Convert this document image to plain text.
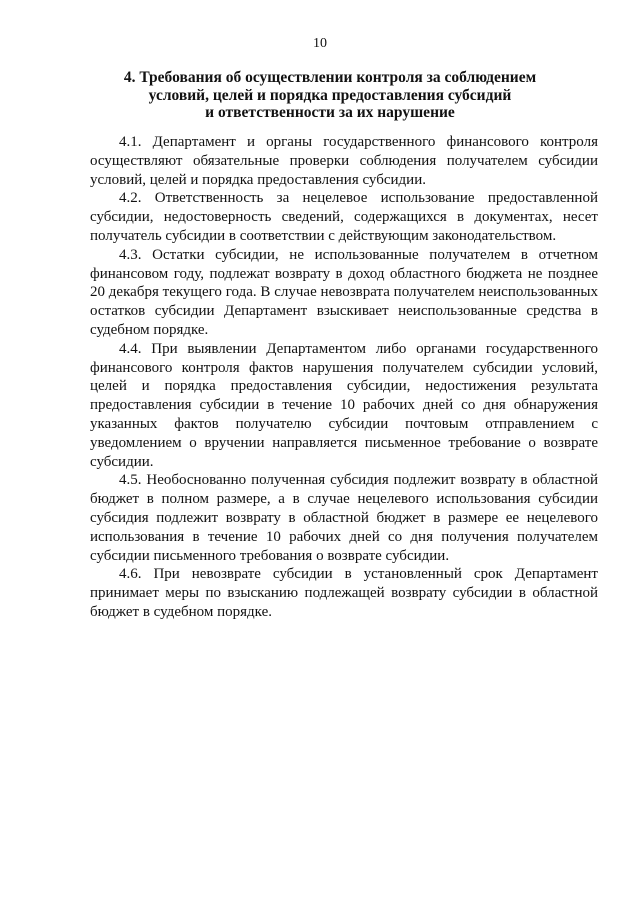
10
4. Требования об осуществлении контроля за соблюдением
условий, целей и порядка предоставления субсидий
и ответственности за их нарушение

4.1. Департамент и органы государственного финансового контроля осуществляют обязательные проверки соблюдения получателем субсидии условий, целей и порядка предоставления субсидии.

4.2. Ответственность за нецелевое использование предоставленной субсидии, недостоверность сведений, содержащихся в документах, несет получатель субсидии в соответствии с действующим законодательством.

4.3. Остатки субсидии, не использованные получателем в отчетном финансовом году, подлежат возврату в доход областного бюджета не позднее 20 декабря текущего года. В случае невозврата получателем неиспользованных остатков субсидии Департамент взыскивает неиспользованные средства в судебном порядке.

4.4. При выявлении Департаментом либо органами государственного финансового контроля фактов нарушения получателем субсидии условий, целей и порядка предоставления субсидии, недостижения результата предоставления субсидии в течение 10 рабочих дней со дня обнаружения указанных фактов получателю субсидии почтовым отправлением с уведомлением о вручении направляется письменное требование о возврате субсидии.

4.5. Необоснованно полученная субсидия подлежит возврату в областной бюджет в полном размере, а в случае нецелевого использования субсидии субсидия подлежит возврату в областной бюджет в размере ее нецелевого использования в течение 10 рабочих дней со дня получения получателем субсидии письменного требования о возврате субсидии.

4.6. При невозврате субсидии в установленный срок Департамент принимает меры по взысканию подлежащей возврату субсидии в областной бюджет в судебном порядке.
